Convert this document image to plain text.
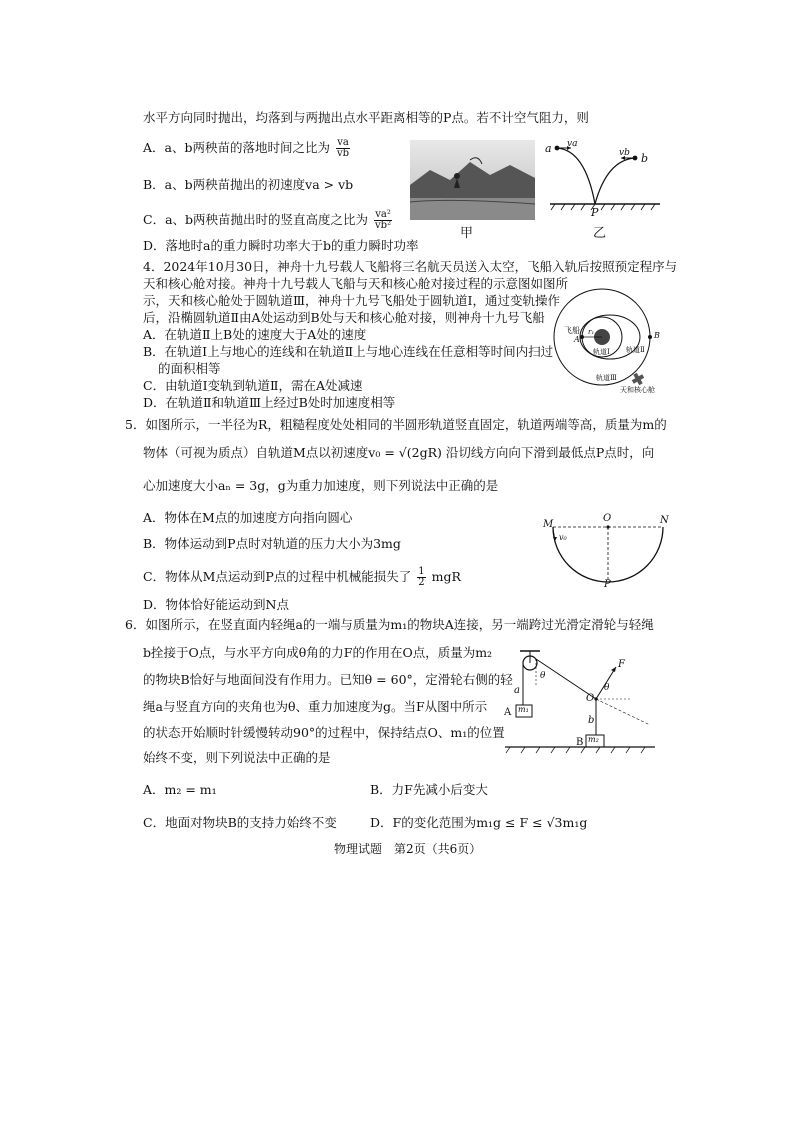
水平方向同时抛出，均落到与两抛出点水平距离相等的P点。若不计空气阻力，则
A．a、b两秧苗的落地时间之比为 $\frac{va}{vb}$
B．a、b两秧苗抛出的初速度va > vb
C．a、b两秧苗抛出时的竖直高度之比为 $\frac{\text{va²}}{\text{vb²}}$
D．落地时a的重力瞬时功率大于b的重力瞬时功率
甲
a va
b
vb
P
乙
4．2024年10月30日，神舟十九号载人飞船将三名航天员送入太空，飞船入轨后按照预定程序与
天和核心舱对接。神舟十九号载人飞船与天和核心舱对接过程的示意图如图所
示，天和核心舱处于圆轨道Ⅲ，神舟十九号飞船处于圆轨道Ⅰ，通过变轨操作
后，沿椭圆轨道Ⅱ由A处运动到B处与天和核心舱对接，则神舟十九号飞船
A．在轨道Ⅱ上B处的速度大于A处的速度
B．在轨道Ⅰ上与地心的连线和在轨道Ⅱ上与地心连线在任意相等时间内扫过
的面积相等
C．由轨道Ⅰ变轨到轨道Ⅱ，需在A处减速
D．在轨道Ⅱ和轨道Ⅲ上经过B处时加速度相等
飞船
A	B
r₁
轨道Ⅰ 轨道Ⅱ
轨道Ⅲ
天和核心舱
5．如图所示，一半径为R，粗糙程度处处相同的半圆形轨道竖直固定，轨道两端等高，质量为m的
物体（可视为质点）自轨道M点以初速度v₀ = √(2gR) 沿切线方向向下滑到最低点P点时，向
心加速度大小aₙ = 3g，g为重力加速度，则下列说法中正确的是
A．物体在M点的加速度方向指向圆心
B．物体运动到P点时对轨道的压力大小为3mg
C．物体从M点运动到P点的过程中机械能损失了 $\frac{1}{2}$ mgR
D．物体恰好能运动到N点
M
O	N
P
v₀
6．如图所示，在竖直面内轻绳a的一端与质量为m₁的物块A连接，另一端跨过光滑定滑轮与轻绳
b拴接于O点，与水平方向成θ角的力F的作用在O点，质量为m₂
的物块B恰好与地面间没有作用力。已知θ = 60°，定滑轮右侧的轻
绳a与竖直方向的夹角也为θ、重力加速度为g。当F从图中所示
的状态开始顺时针缓慢转动90°的过程中，保持结点O、m₁的位置
始终不变，则下列说法中正确的是
A．m₂ = m₁	B．力F先减小后变大
C．地面对物块B的支持力始终不变	D．F的变化范围为m₁g ≤ F ≤ √3m₁g
a
b
A
B
m₁
m₂
O
F
θ
θ
物理试题　第2页（共6页）
